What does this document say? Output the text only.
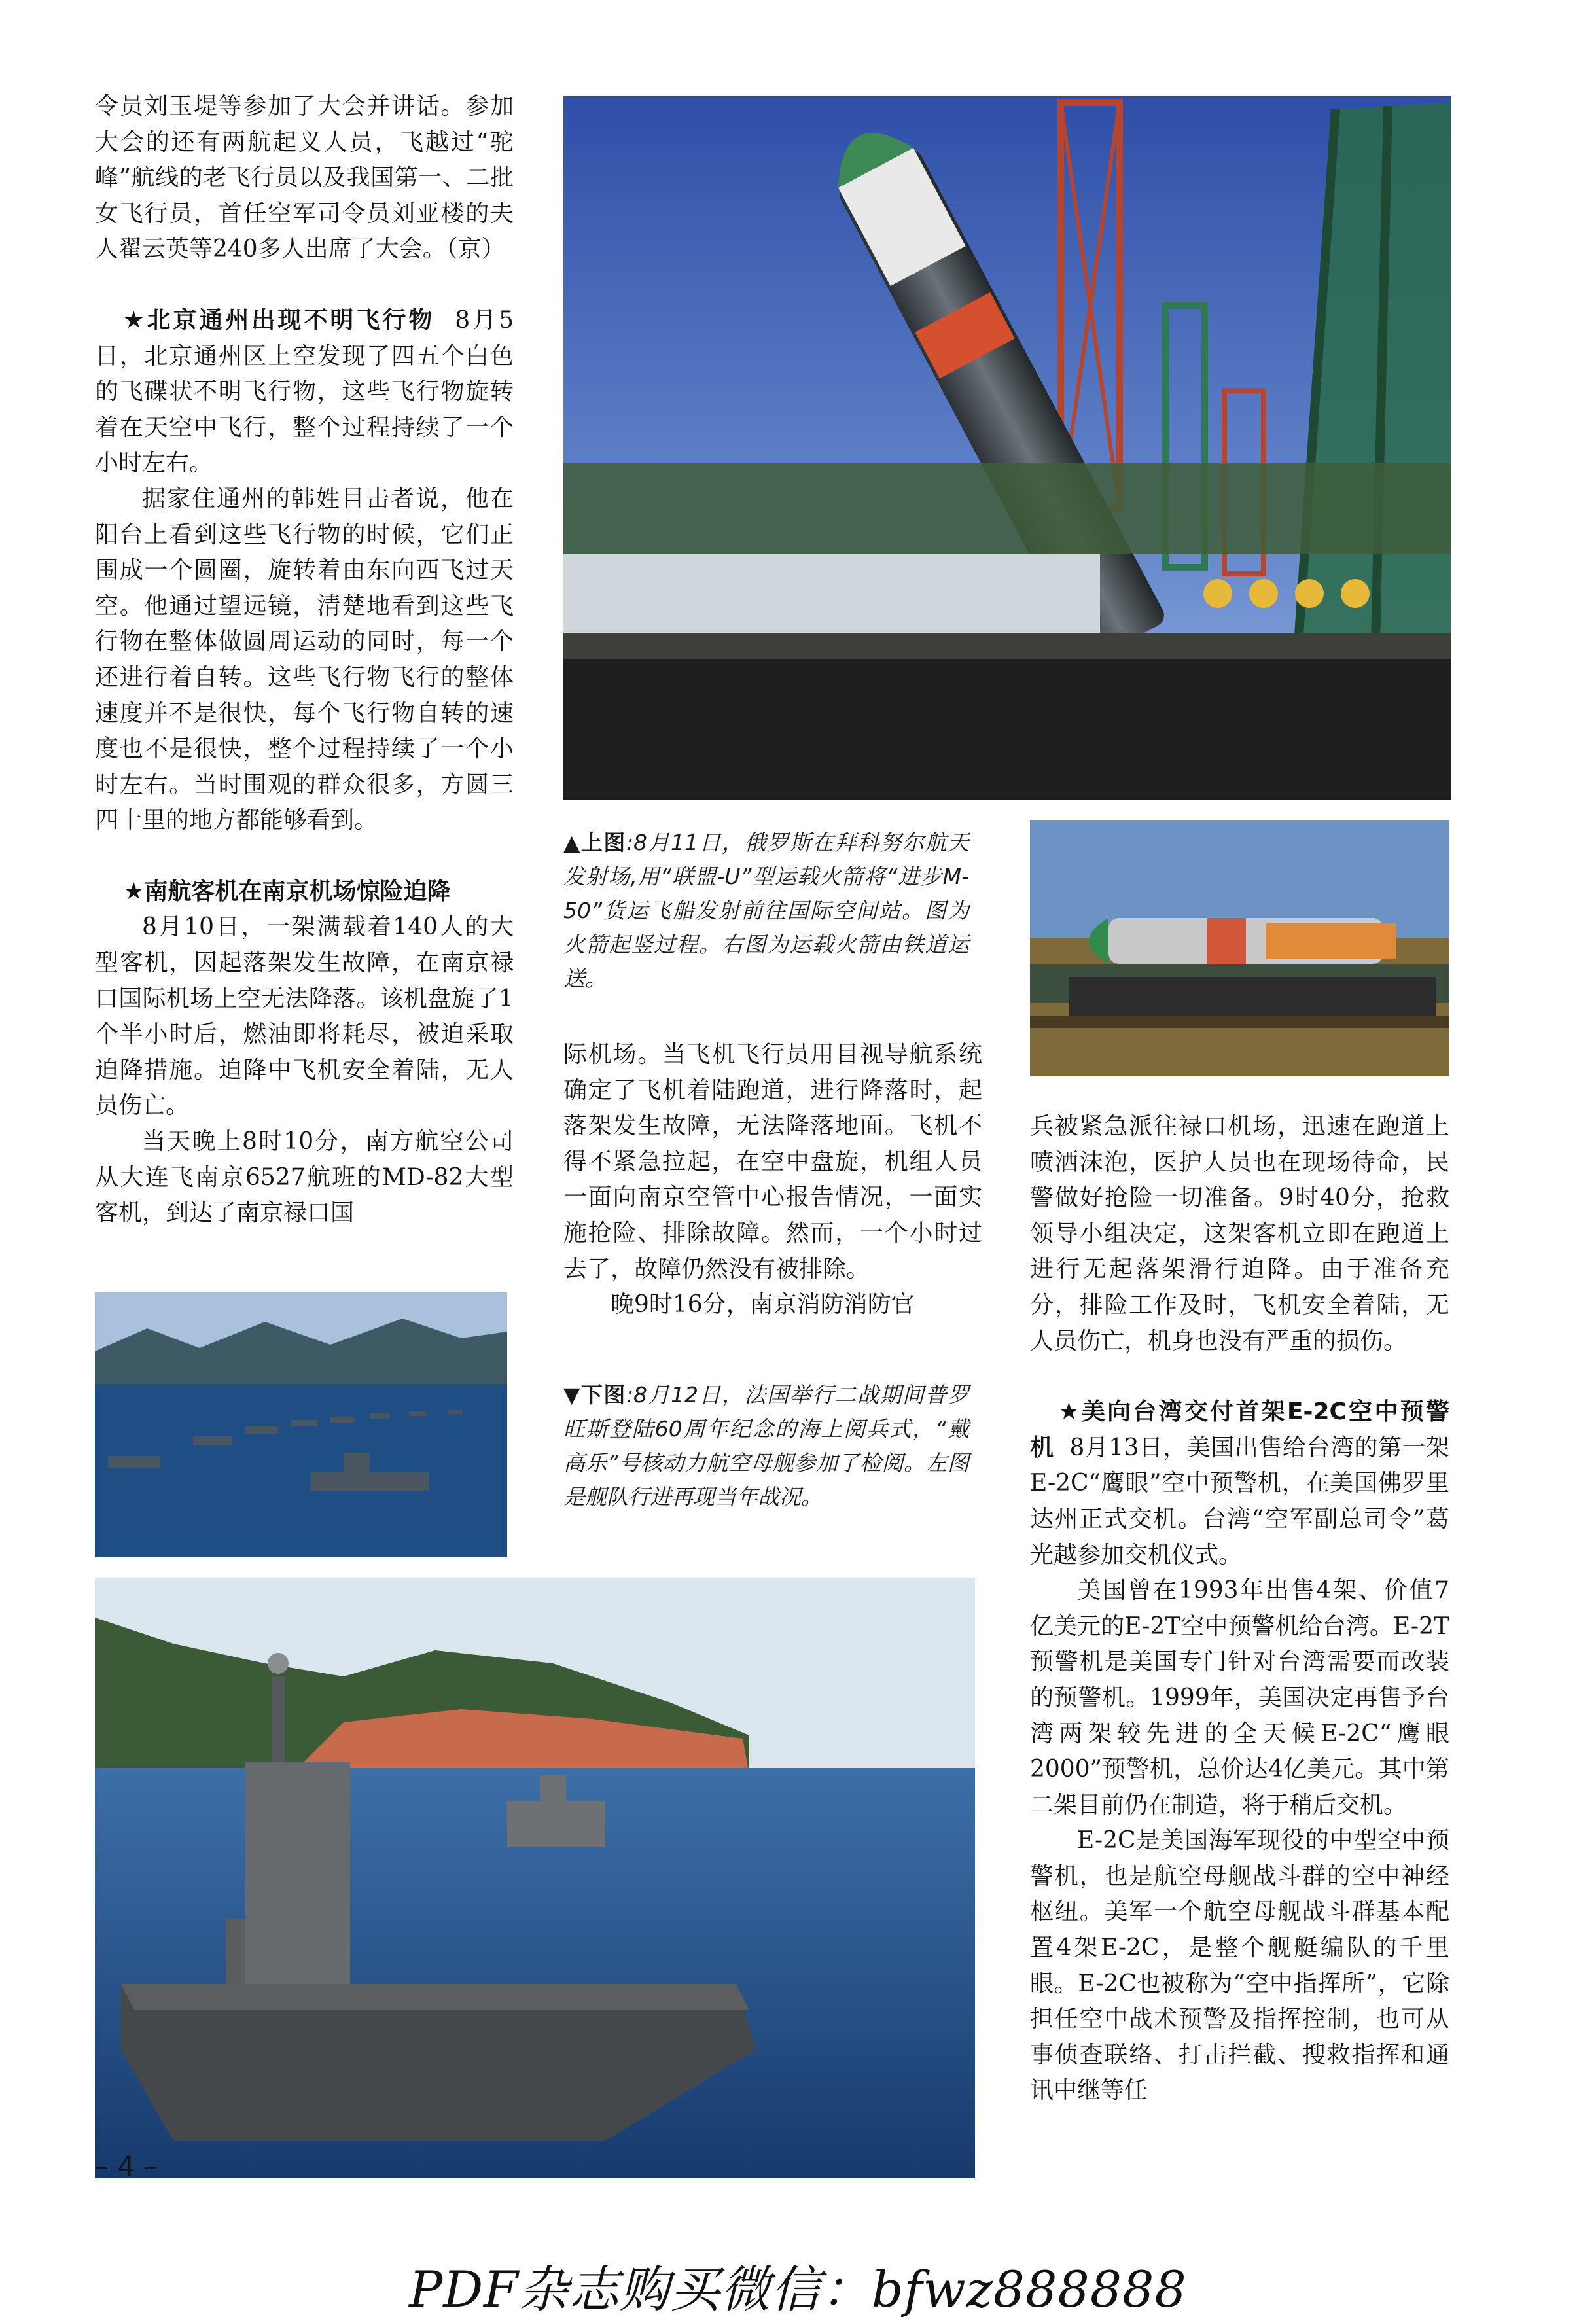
令员刘玉堤等参加了大会并讲话。参加大会的还有两航起义人员，飞越过“驼峰”航线的老飞行员以及我国第一、二批女飞行员，首任空军司令员刘亚楼的夫人翟云英等240多人出席了大会。（京）

★北京通州出现不明飞行物 8月5日，北京通州区上空发现了四五个白色的飞碟状不明飞行物，这些飞行物旋转着在天空中飞行，整个过程持续了一个小时左右。

据家住通州的韩姓目击者说，他在阳台上看到这些飞行物的时候，它们正围成一个圆圈，旋转着由东向西飞过天空。他通过望远镜，清楚地看到这些飞行物在整体做圆周运动的同时，每一个还进行着自转。这些飞行物飞行的整体速度并不是很快，每个飞行物自转的速度也不是很快，整个过程持续了一个小时左右。当时围观的群众很多，方圆三四十里的地方都能够看到。

★南航客机在南京机场惊险迫降

8月10日，一架满载着140人的大型客机，因起落架发生故障，在南京禄口国际机场上空无法降落。该机盘旋了1个半小时后，燃油即将耗尽，被迫采取迫降措施。迫降中飞机安全着陆，无人员伤亡。

当天晚上8时10分，南方航空公司从大连飞南京6527航班的MD-82大型客机，到达了南京禄口国

▲上图:8月11日，俄罗斯在拜科努尔航天发射场,用“联盟-U”型运载火箭将“进步M-50”货运飞船发射前往国际空间站。图为火箭起竖过程。右图为运载火箭由铁道运送。

际机场。当飞机飞行员用目视导航系统确定了飞机着陆跑道，进行降落时，起落架发生故障，无法降落地面。飞机不得不紧急拉起，在空中盘旋，机组人员一面向南京空管中心报告情况，一面实施抢险、排除故障。然而，一个小时过去了，故障仍然没有被排除。

晚9时16分，南京消防消防官

▼下图:8月12日，法国举行二战期间普罗旺斯登陆60周年纪念的海上阅兵式，“戴高乐”号核动力航空母舰参加了检阅。左图是舰队行进再现当年战况。

兵被紧急派往禄口机场，迅速在跑道上喷洒沫泡，医护人员也在现场待命，民警做好抢险一切准备。9时40分，抢救领导小组决定，这架客机立即在跑道上进行无起落架滑行迫降。由于准备充分，排险工作及时，飞机安全着陆，无人员伤亡，机身也没有严重的损伤。

★美向台湾交付首架E-2C空中预警机 8月13日，美国出售给台湾的第一架E-2C“鹰眼”空中预警机，在美国佛罗里达州正式交机。台湾“空军副总司令”葛光越参加交机仪式。

美国曾在1993年出售4架、价值7亿美元的E-2T空中预警机给台湾。E-2T预警机是美国专门针对台湾需要而改装的预警机。1999年，美国决定再售予台湾两架较先进的全天候E-2C“鹰眼2000”预警机，总价达4亿美元。其中第二架目前仍在制造，将于稍后交机。

E-2C是美国海军现役的中型空中预警机，也是航空母舰战斗群的空中神经枢纽。美军一个航空母舰战斗群基本配置4架E-2C，是整个舰艇编队的千里眼。E-2C也被称为“空中指挥所”，它除担任空中战术预警及指挥控制，也可从事侦查联络、打击拦截、搜救指挥和通讯中继等任

– 4 –
PDF杂志购买微信：bfwz888888
